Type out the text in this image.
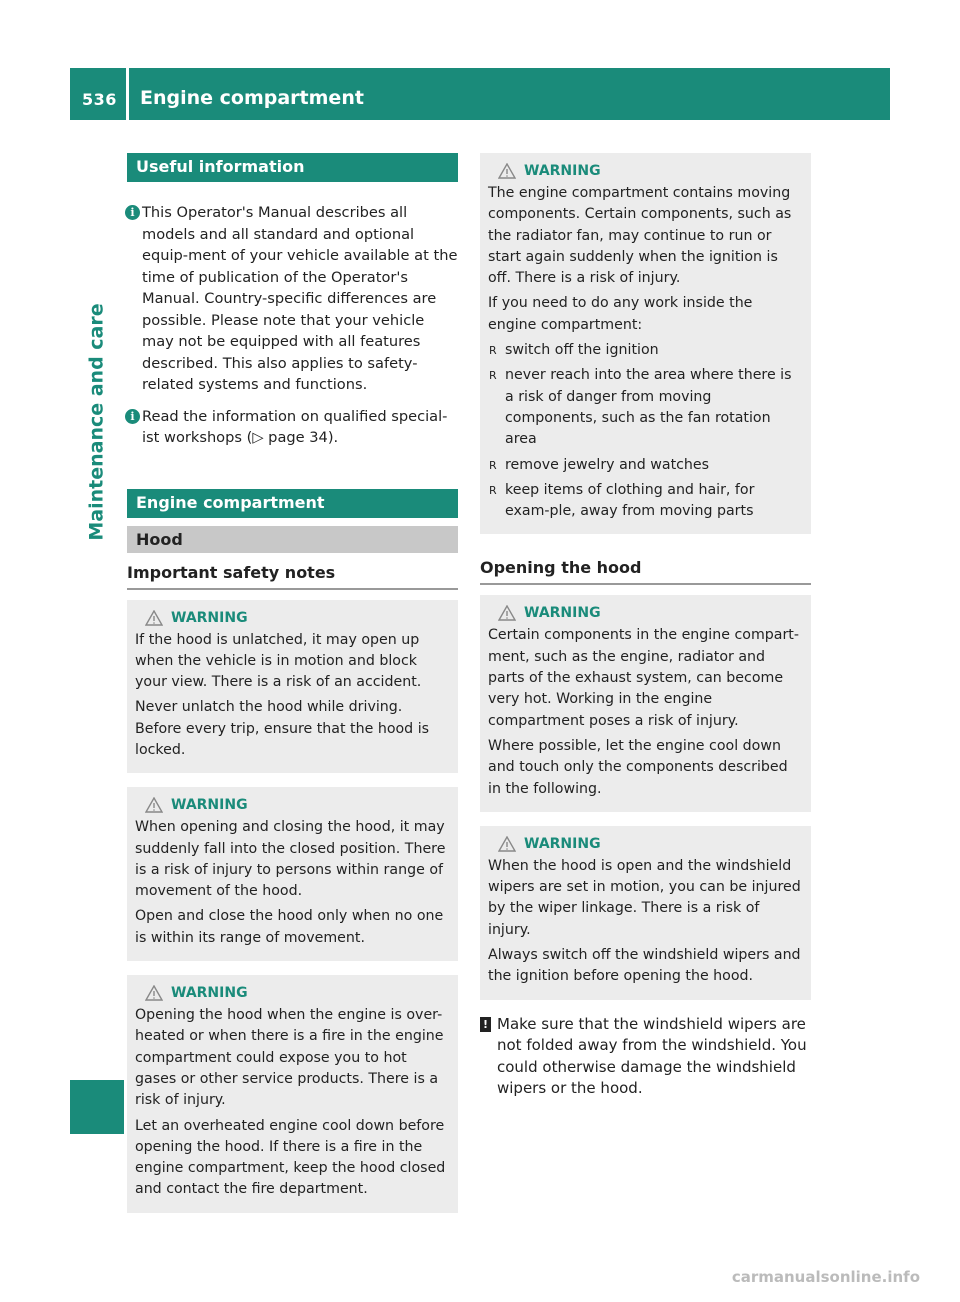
536 Engine compartment
Maintenance and care
Useful information

i This Operator's Manual describes all models and all standard and optional equip-ment of your vehicle available at the time of publication of the Operator's Manual. Country-specific differences are possible. Please note that your vehicle may not be equipped with all features described. This also applies to safety-related systems and functions.

i Read the information on qualified special-ist workshops (▷ page 34).

Engine compartment
Hood
Important safety notes
WARNING

If the hood is unlatched, it may open up when the vehicle is in motion and block your view. There is a risk of an accident.

Never unlatch the hood while driving. Before every trip, ensure that the hood is locked.

WARNING

When opening and closing the hood, it may suddenly fall into the closed position. There is a risk of injury to persons within range of movement of the hood.

Open and close the hood only when no one is within its range of movement.

WARNING

Opening the hood when the engine is over-heated or when there is a fire in the engine compartment could expose you to hot gases or other service products. There is a risk of injury.

Let an overheated engine cool down before opening the hood. If there is a fire in the engine compartment, keep the hood closed and contact the fire department.

WARNING

The engine compartment contains moving components. Certain components, such as the radiator fan, may continue to run or start again suddenly when the ignition is off. There is a risk of injury.

If you need to do any work inside the engine compartment:

R switch off the ignition
R never reach into the area where there is a risk of danger from moving components, such as the fan rotation area
R remove jewelry and watches
R keep items of clothing and hair, for exam-ple, away from moving parts
Opening the hood
WARNING

Certain components in the engine compart-ment, such as the engine, radiator and parts of the exhaust system, can become very hot. Working in the engine compartment poses a risk of injury.

Where possible, let the engine cool down and touch only the components described in the following.

WARNING

When the hood is open and the windshield wipers are set in motion, you can be injured by the wiper linkage. There is a risk of injury.

Always switch off the windshield wipers and the ignition before opening the hood.

! Make sure that the windshield wipers are not folded away from the windshield. You could otherwise damage the windshield wipers or the hood.
carmanualsonline.info
